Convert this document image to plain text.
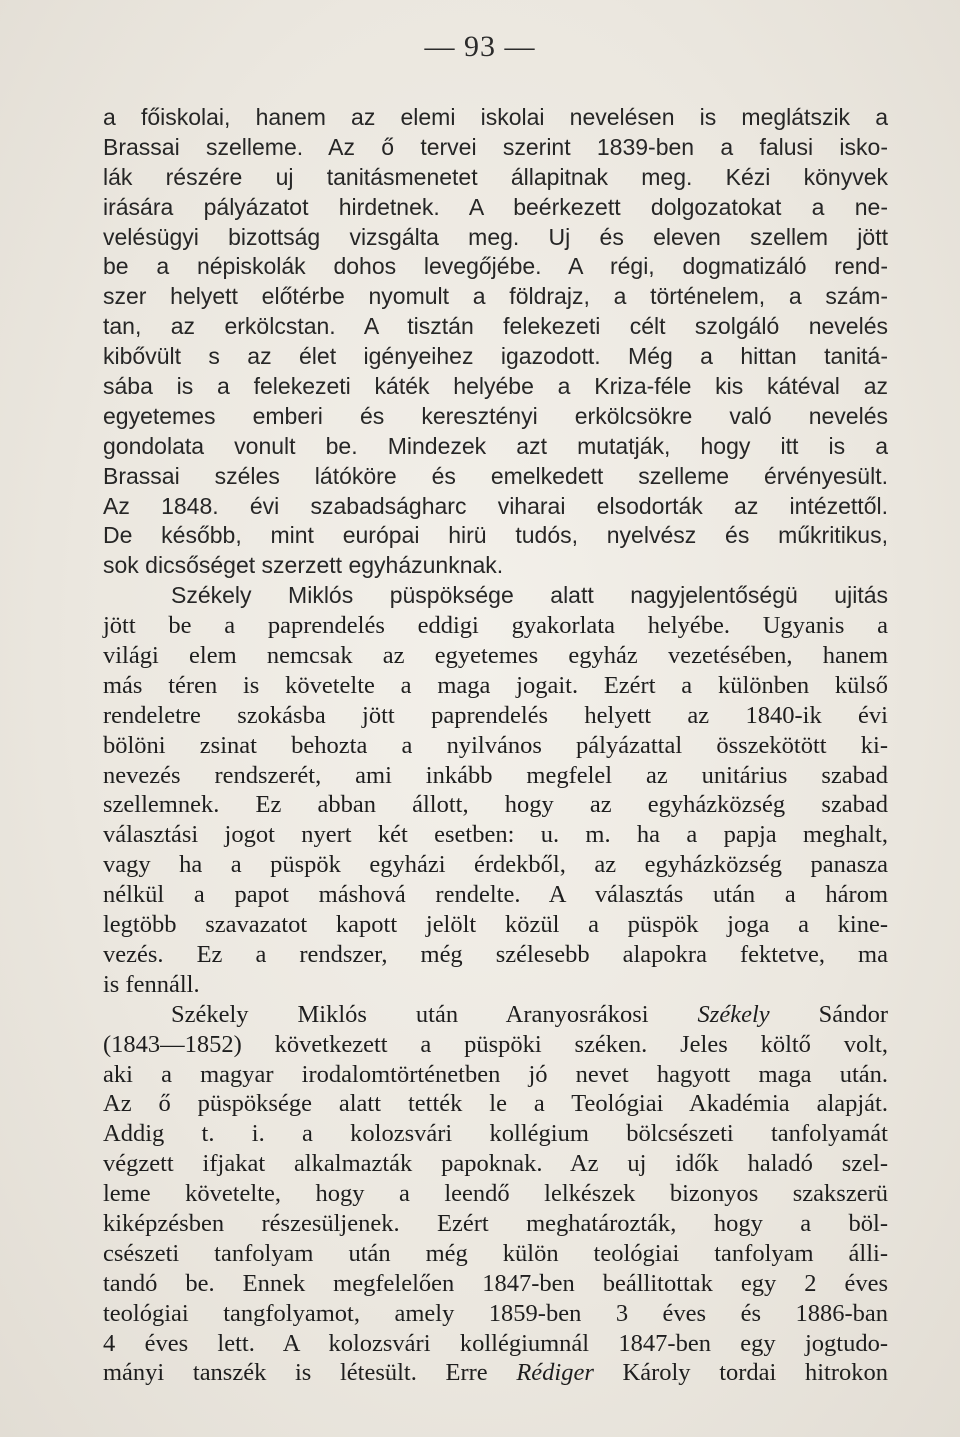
— 93 —
a főiskolai, hanem az elemi iskolai nevelésen is meglátszik a
Brassai szelleme. Az ő tervei szerint 1839-ben a falusi isko-
lák részére uj tanitásmenetet állapitnak meg. Kézi könyvek
irására pályázatot hirdetnek. A beérkezett dolgozatokat a ne-
velésügyi bizottság vizsgálta meg. Uj és eleven szellem jött
be a népiskolák dohos levegőjébe. A régi, dogmatizáló rend-
szer helyett előtérbe nyomult a földrajz, a történelem, a szám-
tan, az erkölcstan. A tisztán felekezeti célt szolgáló nevelés
kibővült s az élet igényeihez igazodott. Még a hittan tanitá-
sába is a felekezeti káték helyébe a Kriza-féle kis kátéval az
egyetemes emberi és keresztényi erkölcsökre való nevelés
gondolata vonult be. Mindezek azt mutatják, hogy itt is a
Brassai széles látóköre és emelkedett szelleme érvényesült.
Az 1848. évi szabadságharc viharai elsodorták az intézettől.
De később, mint európai hirü tudós, nyelvész és műkritikus,
sok dicsőséget szerzett egyházunknak.
Székely Miklós püspöksége alatt nagyjelentőségü ujitás
jött be a paprendelés eddigi gyakorlata helyébe. Ugyanis a
világi elem nemcsak az egyetemes egyház vezetésében, hanem
más téren is követelte a maga jogait. Ezért a különben külső
rendeletre szokásba jött paprendelés helyett az 1840-ik évi
bölöni zsinat behozta a nyilvános pályázattal összekötött ki-
nevezés rendszerét, ami inkább megfelel az unitárius szabad
szellemnek. Ez abban állott, hogy az egyházközség szabad
választási jogot nyert két esetben: u. m. ha a papja meghalt,
vagy ha a püspök egyházi érdekből, az egyházközség panasza
nélkül a papot máshová rendelte. A választás után a három
legtöbb szavazatot kapott jelölt közül a püspök joga a kine-
vezés. Ez a rendszer, még szélesebb alapokra fektetve, ma
is fennáll.
Székely Miklós után Aranyosrákosi Székely Sándor
(1843—1852) következett a püspöki széken. Jeles költő volt,
aki a magyar irodalomtörténetben jó nevet hagyott maga után.
Az ő püspöksége alatt tették le a Teológiai Akadémia alapját.
Addig t. i. a kolozsvári kollégium bölcsészeti tanfolyamát
végzett ifjakat alkalmazták papoknak. Az uj idők haladó szel-
leme követelte, hogy a leendő lelkészek bizonyos szakszerü
kiképzésben részesüljenek. Ezért meghatározták, hogy a böl-
csészeti tanfolyam után még külön teológiai tanfolyam álli-
tandó be. Ennek megfelelően 1847-ben beállitottak egy 2 éves
teológiai tangfolyamot, amely 1859-ben 3 éves és 1886-ban
4 éves lett. A kolozsvári kollégiumnál 1847-ben egy jogtudo-
mányi tanszék is létesült. Erre Rédiger Károly tordai hitrokon
